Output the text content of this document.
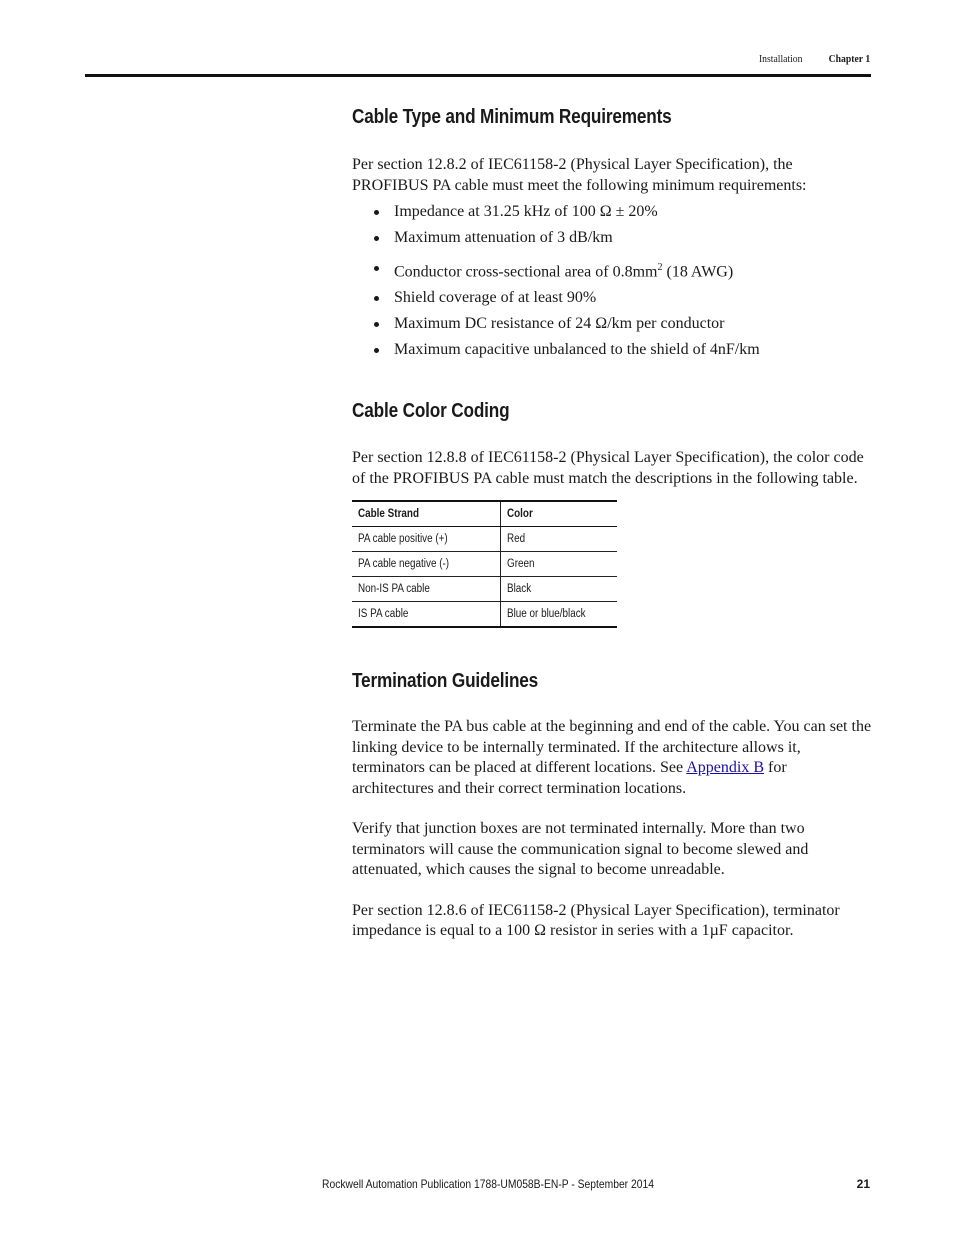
Installation Chapter 1
Cable Type and Minimum Requirements

Per section 12.8.2 of IEC61158-2 (Physical Layer Specification), the PROFIBUS PA cable must meet the following minimum requirements:

Impedance at 31.25 kHz of 100 Ω ± 20%
Maximum attenuation of 3 dB/km
Conductor cross-sectional area of $0.8mm^2$ (18 AWG)
Shield coverage of at least 90%
Maximum DC resistance of 24 Ω/km per conductor
Maximum capacitive unbalanced to the shield of 4nF/km
Cable Color Coding

Per section 12.8.8 of IEC61158-2 (Physical Layer Specification), the color code of the PROFIBUS PA cable must match the descriptions in the following table.

Cable Strand	Color
PA cable positive (+)	Red
PA cable negative (-)	Green
Non-IS PA cable	Black
IS PA cable	Blue or blue/black
Termination Guidelines

Terminate the PA bus cable at the beginning and end of the cable. You can set the linking device to be internally terminated. If the architecture allows it, terminators can be placed at different locations. See Appendix B for architectures and their correct termination locations.

Verify that junction boxes are not terminated internally. More than two terminators will cause the communication signal to become slewed and attenuated, which causes the signal to become unreadable.

Per section 12.8.6 of IEC61158-2 (Physical Layer Specification), terminator impedance is equal to a 100 Ω resistor in series with a 1µF capacitor.

Rockwell Automation Publication 1788-UM058B-EN-P - September 2014	21
